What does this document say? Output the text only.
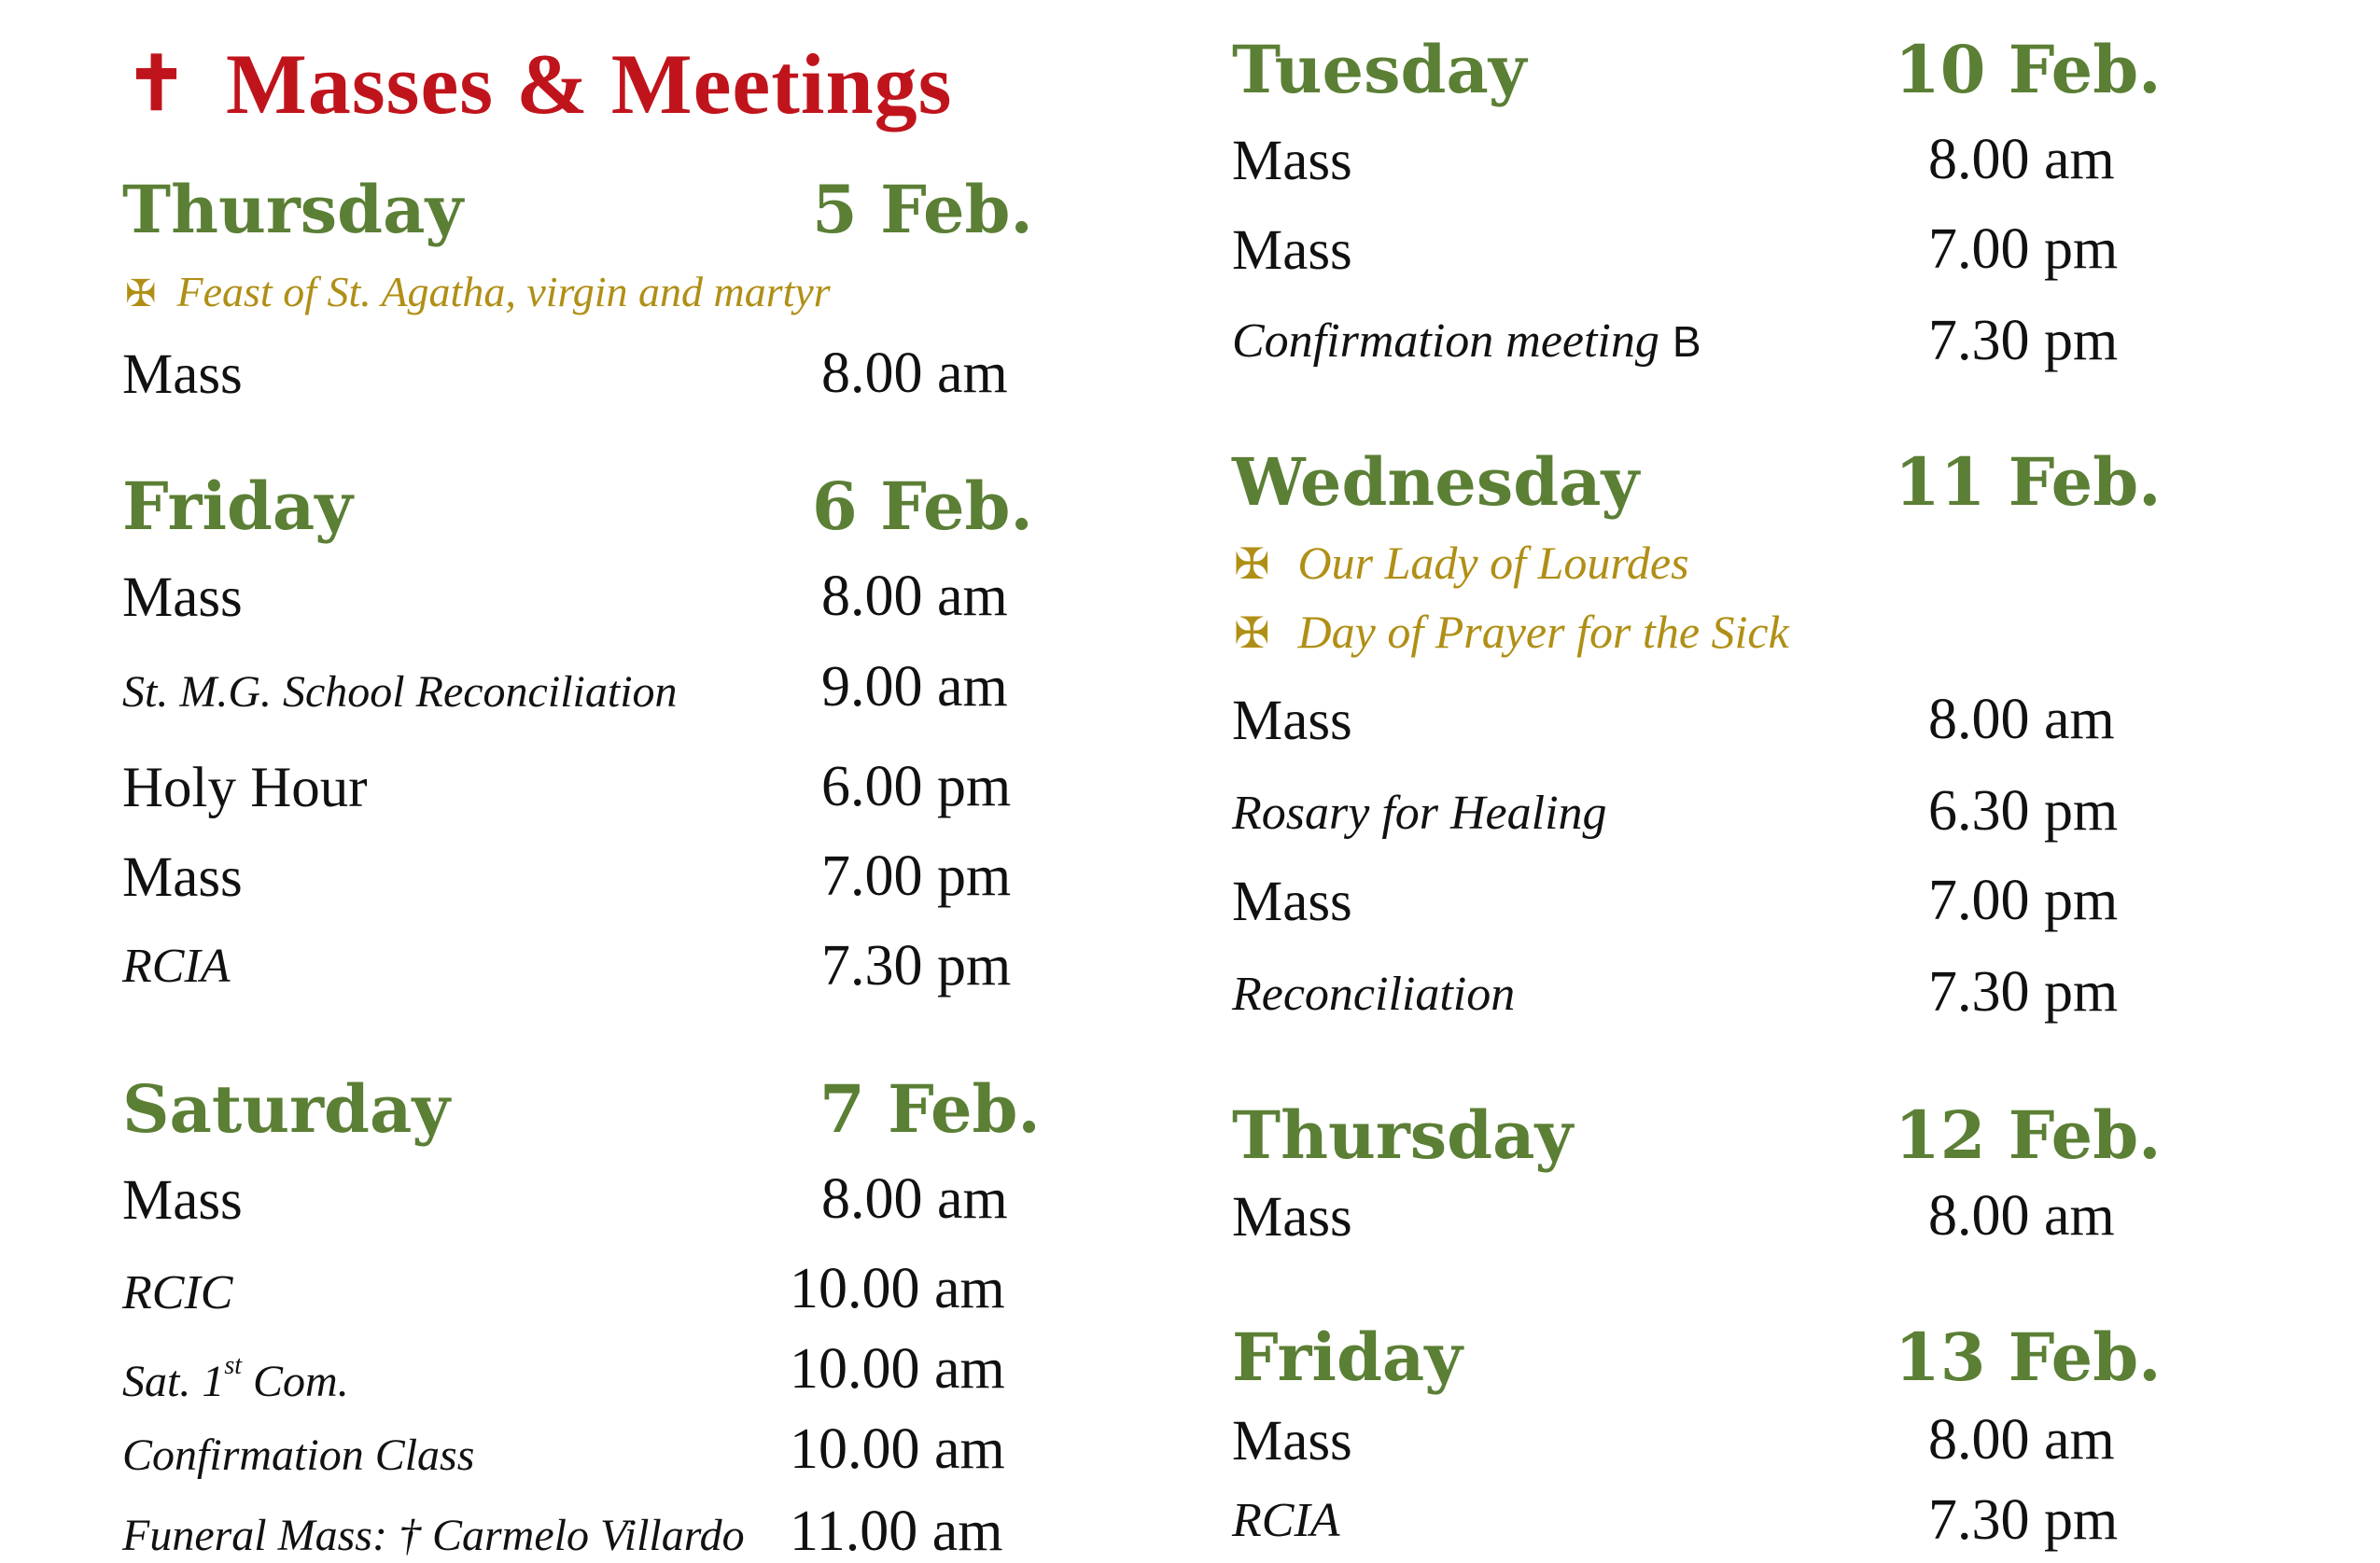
✝ Masses & Meetings
Thursday	5 Feb.
✠ Feast of St. Agatha, virgin and martyr
Mass	8.00 am
Friday	6 Feb.
Mass	8.00 am
St. M.G. School Reconciliation 9.00 am
Holy Hour	6.00 pm
Mass	7.00 pm
RCIA	7.30 pm
Saturday	7 Feb.
Mass	8.00 am
RCIC	10.00 am
Sat. 1st Com.	10.00 am
Confirmation Class	10.00 am
Funeral Mass: † Carmelo Villardo 11.00 am
Tuesday	10 Feb.
Mass	8.00 am
Mass	7.00 pm
Confirmation meeting B	7.30 pm
Wednesday	11 Feb.
✠ Our Lady of Lourdes
✠ Day of Prayer for the Sick
Mass	8.00 am
Rosary for Healing	6.30 pm
Mass	7.00 pm
Reconciliation	7.30 pm
Thursday	12 Feb.
Mass	8.00 am
Friday	13 Feb.
Mass	8.00 am
RCIA	7.30 pm
